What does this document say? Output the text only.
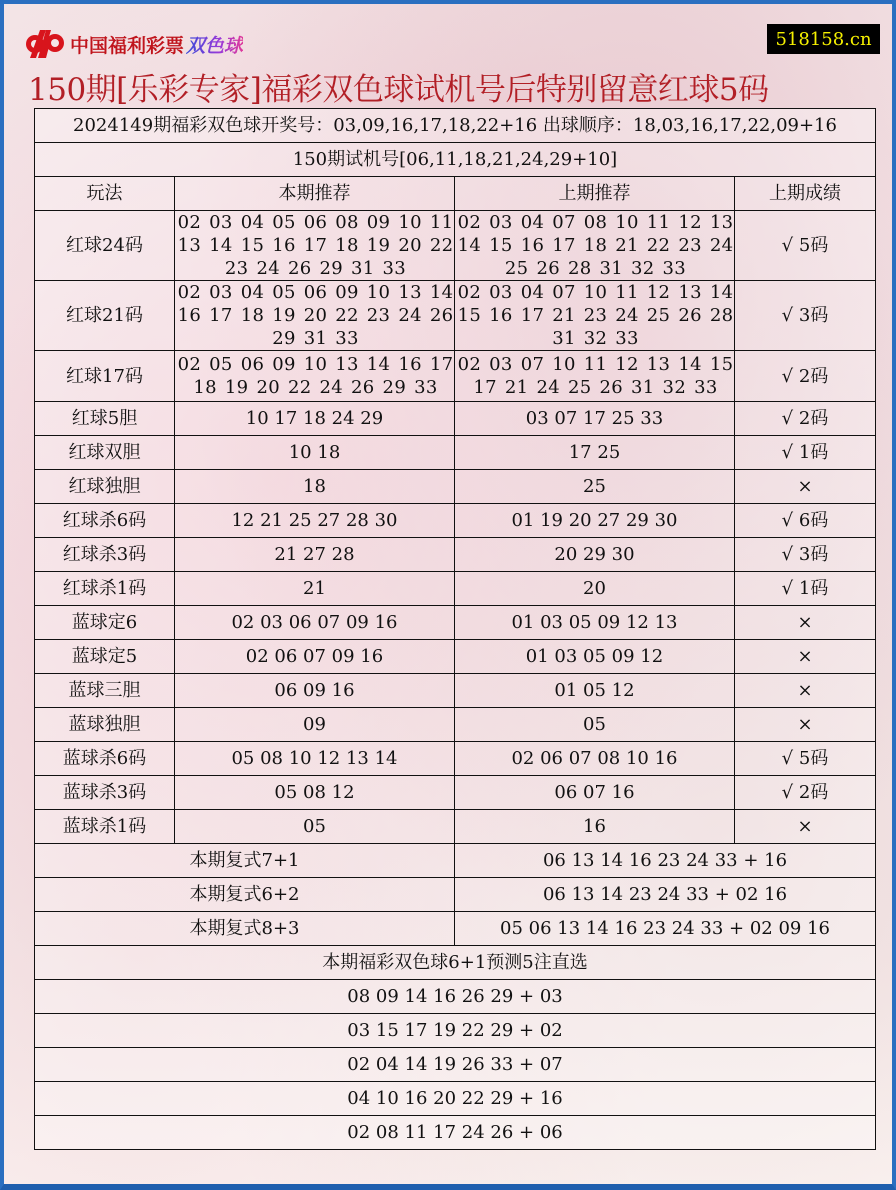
中国福利彩票 双色球	518158.cn
150期[乐彩专家]福彩双色球试机号后特别留意红球5码
2024149期福彩双色球开奖号：03,09,16,17,18,22+16 出球顺序：18,03,16,17,22,09+16			
150期试机号[06,11,18,21,24,29+10]			
玩法	本期推荐	上期推荐	上期成绩
红球24码	02 03 04 05 06 08 09 10 11
13 14 15 16 17 18 19 20 22
23 24 26 29 31 33	02 03 04 07 08 10 11 12 13
14 15 16 17 18 21 22 23 24
25 26 28 31 32 33	√ 5码
红球21码	02 03 04 05 06 09 10 13 14
16 17 18 19 20 22 23 24 26
29 31 33	02 03 04 07 10 11 12 13 14
15 16 17 21 23 24 25 26 28
31 32 33	√ 3码
红球17码	02 05 06 09 10 13 14 16 17
18 19 20 22 24 26 29 33	02 03 07 10 11 12 13 14 15
17 21 24 25 26 31 32 33	√ 2码
红球5胆	10 17 18 24 29	03 07 17 25 33	√ 2码
红球双胆	10 18	17 25	√ 1码
红球独胆	18	25	×
红球杀6码	12 21 25 27 28 30	01 19 20 27 29 30	√ 6码
红球杀3码	21 27 28	20 29 30	√ 3码
红球杀1码	21	20	√ 1码
蓝球定6	02 03 06 07 09 16	01 03 05 09 12 13	×
蓝球定5	02 06 07 09 16	01 03 05 09 12	×
蓝球三胆	06 09 16	01 05 12	×
蓝球独胆	09	05	×
蓝球杀6码	05 08 10 12 13 14	02 06 07 08 10 16	√ 5码
蓝球杀3码	05 08 12	06 07 16	√ 2码
蓝球杀1码	05	16	×
本期复式7+1		06 13 14 16 23 24 33 + 16	
本期复式6+2		06 13 14 23 24 33 + 02 16	
本期复式8+3		05 06 13 14 16 23 24 33 + 02 09 16	
本期福彩双色球6+1预测5注直选			
08 09 14 16 26 29 + 03			
03 15 17 19 22 29 + 02			
02 04 14 19 26 33 + 07			
04 10 16 20 22 29 + 16			
02 08 11 17 24 26 + 06			
